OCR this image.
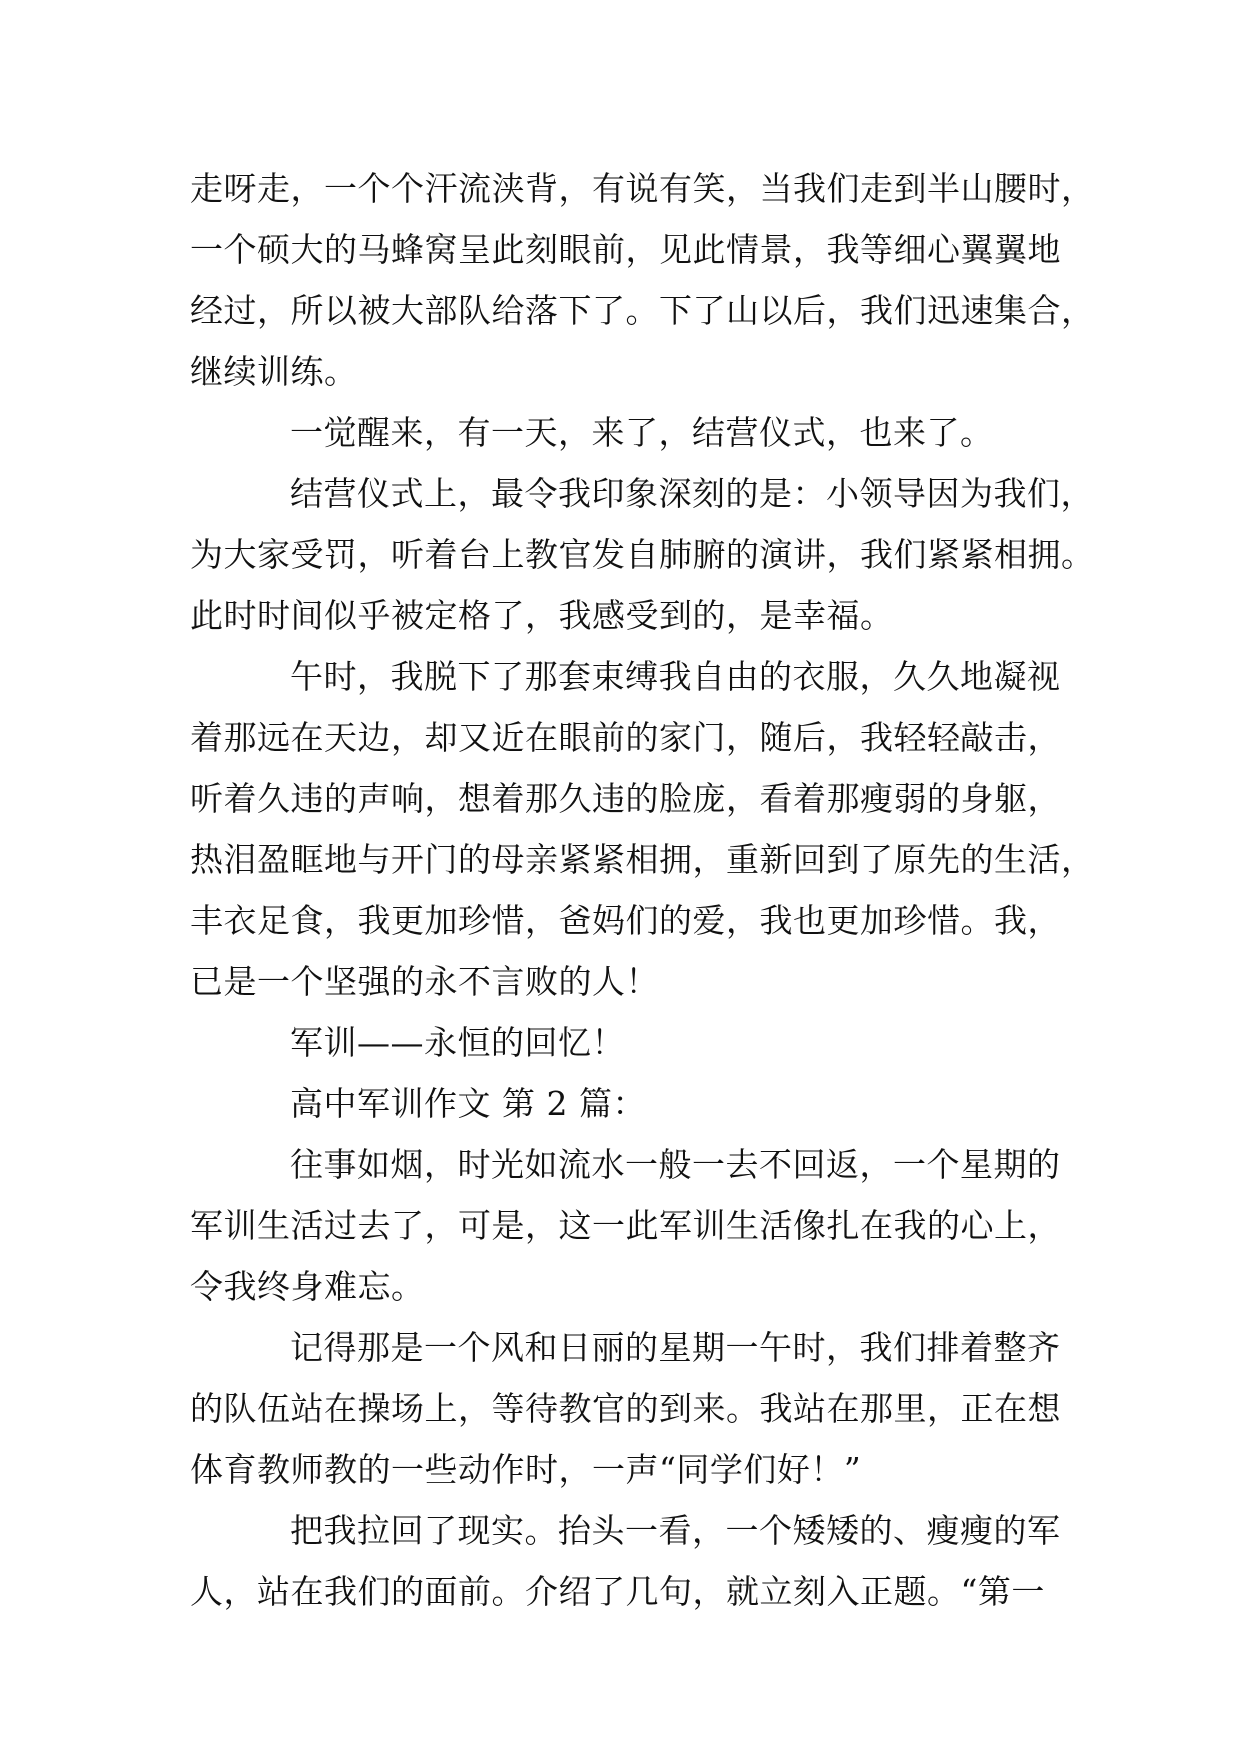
走呀走，一个个汗流浃背，有说有笑，当我们走到半山腰时，
一个硕大的马蜂窝呈此刻眼前，见此情景，我等细心翼翼地
经过，所以被大部队给落下了。下了山以后，我们迅速集合，
继续训练。
一觉醒来，有一天，来了，结营仪式，也来了。
结营仪式上，最令我印象深刻的是：小领导因为我们，
为大家受罚，听着台上教官发自肺腑的演讲，我们紧紧相拥。
此时时间似乎被定格了，我感受到的，是幸福。
午时，我脱下了那套束缚我自由的衣服，久久地凝视
着那远在天边，却又近在眼前的家门，随后，我轻轻敲击，
听着久违的声响，想着那久违的脸庞，看着那瘦弱的身躯，
热泪盈眶地与开门的母亲紧紧相拥，重新回到了原先的生活，
丰衣足食，我更加珍惜，爸妈们的爱，我也更加珍惜。我，
已是一个坚强的永不言败的人！
军训——永恒的回忆！
高中军训作文 第 2 篇：
往事如烟，时光如流水一般一去不回返，一个星期的
军训生活过去了，可是，这一此军训生活像扎在我的心上，
令我终身难忘。
记得那是一个风和日丽的星期一午时，我们排着整齐
的队伍站在操场上，等待教官的到来。我站在那里，正在想
体育教师教的一些动作时，一声“同学们好！”
把我拉回了现实。抬头一看，一个矮矮的、瘦瘦的军
人，站在我们的面前。介绍了几句，就立刻入正题。“第一
